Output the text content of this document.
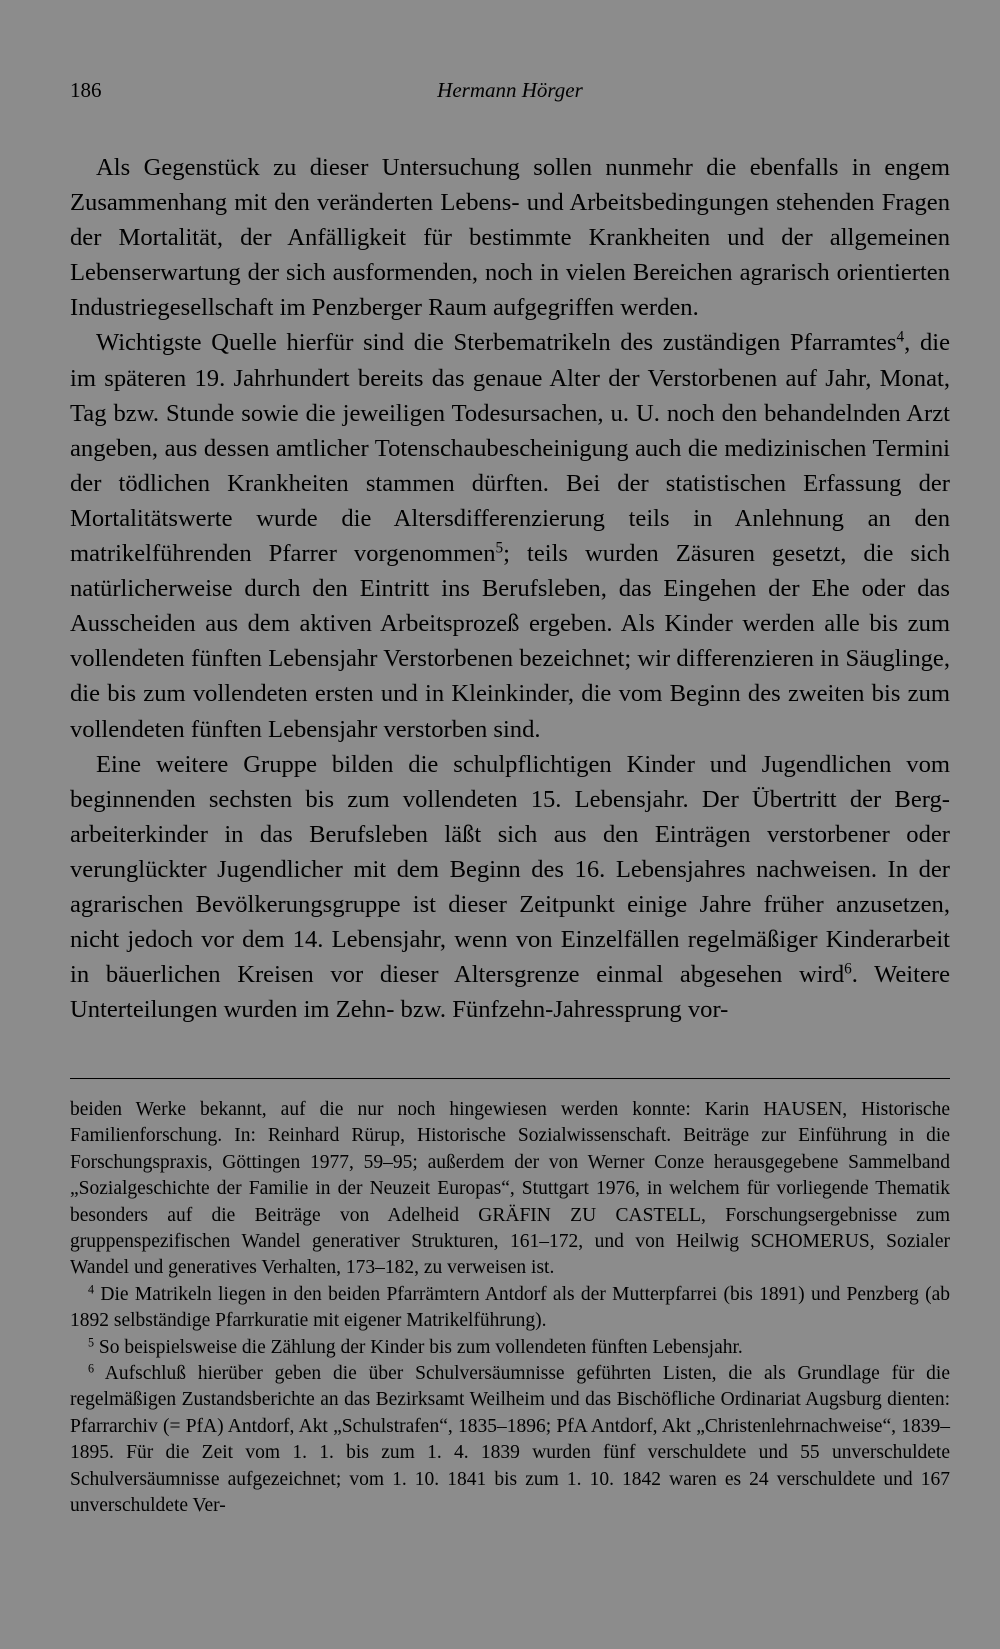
186	Hermann Hörger

Als Gegenstück zu dieser Untersuchung sollen nunmehr die ebenfalls in engem Zusammenhang mit den veränderten Lebens- und Arbeitsbedingungen stehenden Fragen der Mortalität, der Anfälligkeit für bestimmte Krankheiten und der allgemeinen Lebenserwartung der sich ausformenden, noch in vielen Bereichen agrarisch orientierten Industriegesellschaft im Penzberger Raum aufgegriffen werden.

Wichtigste Quelle hierfür sind die Sterbematrikeln des zuständigen Pfarramtes$^4$, die im späteren 19. Jahrhundert bereits das genaue Alter der Verstorbenen auf Jahr, Monat, Tag bzw. Stunde sowie die jeweiligen Todesursachen, u. U. noch den behandelnden Arzt angeben, aus dessen amtlicher Totenschaubescheinigung auch die medizinischen Termini der tödlichen Krankheiten stammen dürften. Bei der statistischen Erfassung der Mortalitätswerte wurde die Altersdifferenzierung teils in Anlehnung an den matrikelführenden Pfarrer vorgenommen$^5$; teils wurden Zäsuren gesetzt, die sich natürlicherweise durch den Eintritt ins Berufsleben, das Eingehen der Ehe oder das Ausscheiden aus dem aktiven Arbeitsprozeß ergeben. Als Kinder werden alle bis zum vollendeten fünften Lebensjahr Verstorbenen bezeichnet; wir differenzieren in Säuglinge, die bis zum vollendeten ersten und in Kleinkinder, die vom Beginn des zweiten bis zum vollendeten fünften Lebensjahr verstorben sind.

Eine weitere Gruppe bilden die schulpflichtigen Kinder und Jugendlichen vom beginnenden sechsten bis zum vollendeten 15. Lebensjahr. Der Übertritt der Bergarbeiterkinder in das Berufsleben läßt sich aus den Einträgen verstorbener oder verunglückter Jugendlicher mit dem Beginn des 16. Lebensjahres nachweisen. In der agrarischen Bevölkerungsgruppe ist dieser Zeitpunkt einige Jahre früher anzusetzen, nicht jedoch vor dem 14. Lebensjahr, wenn von Einzelfällen regelmäßiger Kinderarbeit in bäuerlichen Kreisen vor dieser Altersgrenze einmal abgesehen wird$^6$. Weitere Unterteilungen wurden im Zehn- bzw. Fünfzehn-Jahressprung vor-

beiden Werke bekannt, auf die nur noch hingewiesen werden konnte: Karin HAUSEN, Historische Familienforschung. In: Reinhard Rürup, Historische Sozialwissenschaft. Beiträge zur Einführung in die Forschungspraxis, Göttingen 1977, 59–95; außerdem der von Werner Conze herausgegebene Sammelband „Sozialgeschichte der Familie in der Neuzeit Europas“, Stuttgart 1976, in welchem für vorliegende Thematik besonders auf die Beiträge von Adelheid GRÄFIN ZU CASTELL, Forschungsergebnisse zum gruppenspezifischen Wandel generativer Strukturen, 161–172, und von Heilwig SCHOMERUS, Sozialer Wandel und generatives Verhalten, 173–182, zu verweisen ist.

$^4$ Die Matrikeln liegen in den beiden Pfarrämtern Antdorf als der Mutterpfarrei (bis 1891) und Penzberg (ab 1892 selbständige Pfarrkuratie mit eigener Matrikelführung).

$^5$ So beispielsweise die Zählung der Kinder bis zum vollendeten fünften Lebensjahr.

$^6$ Aufschluß hierüber geben die über Schulversäumnisse geführten Listen, die als Grundlage für die regelmäßigen Zustandsberichte an das Bezirksamt Weilheim und das Bischöfliche Ordinariat Augsburg dienten: Pfarrarchiv (= PfA) Antdorf, Akt „Schulstrafen“, 1835–1896; PfA Antdorf, Akt „Christenlehrnachweise“, 1839–1895. Für die Zeit vom 1. 1. bis zum 1. 4. 1839 wurden fünf verschuldete und 55 unverschuldete Schulversäumnisse aufgezeichnet; vom 1. 10. 1841 bis zum 1. 10. 1842 waren es 24 verschuldete und 167 unverschuldete Ver-
